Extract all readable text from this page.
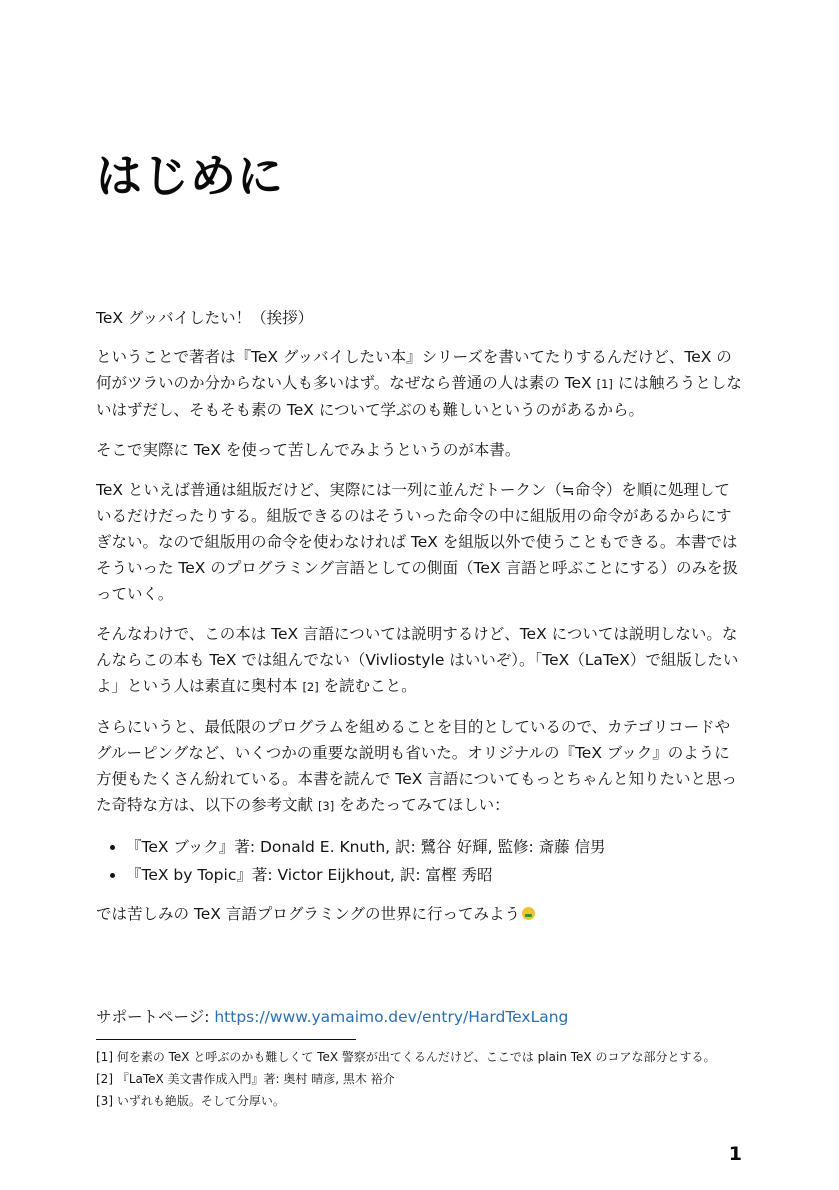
はじめに

TeX グッバイしたい！（挨拶）

ということで著者は『TeX グッバイしたい本』シリーズを書いてたりするんだけど、TeX の何がツラいのか分からない人も多いはず。なぜなら普通の人は素の TeX [1] には触ろうとしないはずだし、そもそも素の TeX について学ぶのも難しいというのがあるから。

そこで実際に TeX を使って苦しんでみようというのが本書。

TeX といえば普通は組版だけど、実際には一列に並んだトークン（≒命令）を順に処理しているだけだったりする。組版できるのはそういった命令の中に組版用の命令があるからにすぎない。なので組版用の命令を使わなければ TeX を組版以外で使うこともできる。本書ではそういった TeX のプログラミング言語としての側面（TeX 言語と呼ぶことにする）のみを扱っていく。

そんなわけで、この本は TeX 言語については説明するけど、TeX については説明しない。なんならこの本も TeX では組んでない（Vivliostyle はいいぞ）。「TeX（LaTeX）で組版したいよ」という人は素直に奥村本 [2] を読むこと。

さらにいうと、最低限のプログラムを組めることを目的としているので、カテゴリコードやグルーピングなど、いくつかの重要な説明も省いた。オリジナルの『TeX ブック』のように方便もたくさん紛れている。本書を読んで TeX 言語についてもっとちゃんと知りたいと思った奇特な方は、以下の参考文献 [3] をあたってみてほしい：

• 『TeX ブック』著: Donald E. Knuth, 訳: 鷺谷 好輝, 監修: 斎藤 信男
• 『TeX by Topic』著: Victor Eijkhout, 訳: 富樫 秀昭

では苦しみの TeX 言語プログラミングの世界に行ってみよう

サポートページ: https://www.yamaimo.dev/entry/HardTexLang
[1] 何を素の TeX と呼ぶのかも難しくて TeX 警察が出てくるんだけど、ここでは plain TeX のコアな部分とする。
[2] 『LaTeX 美文書作成入門』著: 奥村 晴彦, 黒木 裕介
[3] いずれも絶版。そして分厚い。
1
